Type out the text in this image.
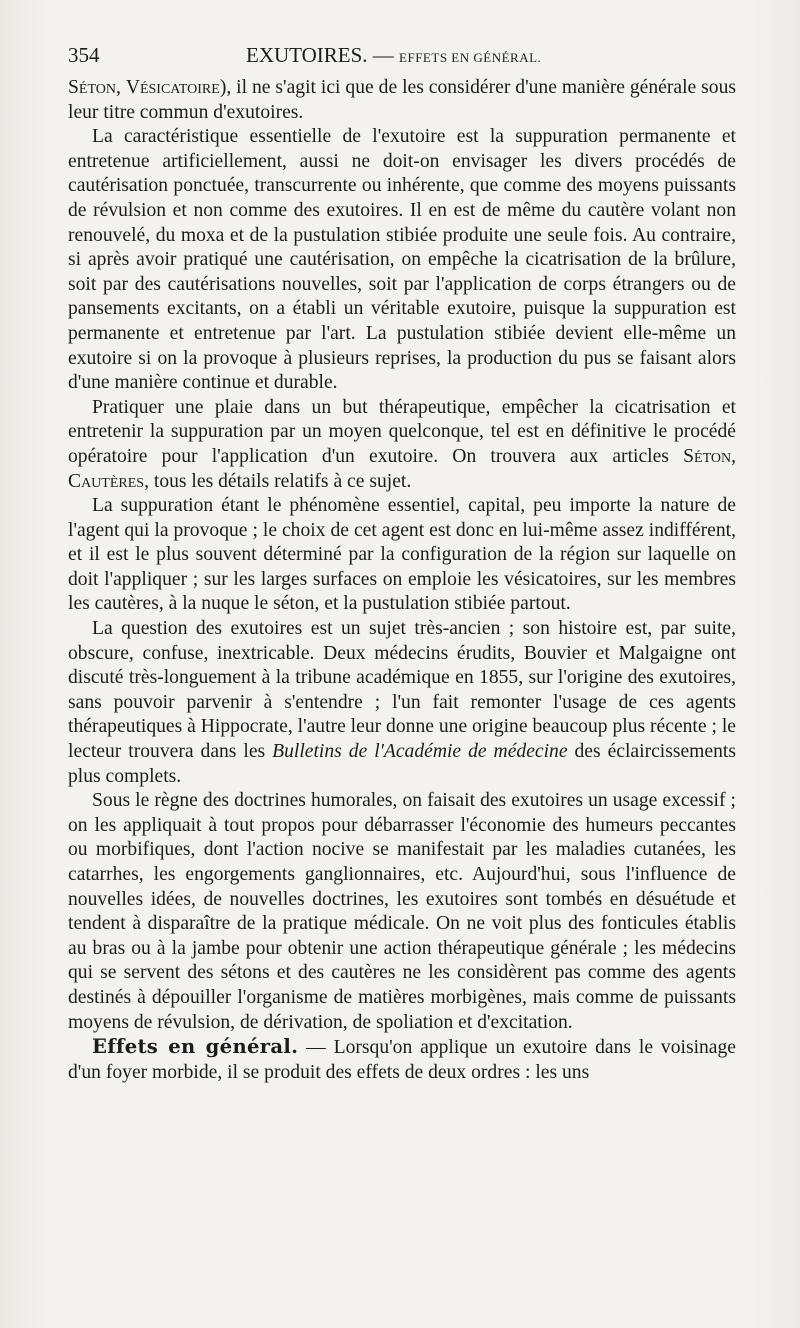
354	EXUTOIRES. — EFFETS EN GÉNÉRAL.

Séton, Vésicatoire), il ne s'agit ici que de les considérer d'une manière générale sous leur titre commun d'exutoires.

La caractéristique essentielle de l'exutoire est la suppuration permanente et entretenue artificiellement, aussi ne doit-on envisager les divers procédés de cautérisation ponctuée, transcurrente ou inhérente, que comme des moyens puissants de révulsion et non comme des exutoires. Il en est de même du cautère volant non renouvelé, du moxa et de la pustulation stibiée produite une seule fois. Au contraire, si après avoir pratiqué une cautérisation, on empêche la cicatrisation de la brûlure, soit par des cautérisations nouvelles, soit par l'application de corps étrangers ou de pansements excitants, on a établi un véritable exutoire, puisque la suppuration est permanente et entretenue par l'art. La pustulation stibiée devient elle-même un exutoire si on la provoque à plusieurs reprises, la production du pus se faisant alors d'une manière continue et durable.

Pratiquer une plaie dans un but thérapeutique, empêcher la cicatrisation et entretenir la suppuration par un moyen quelconque, tel est en définitive le procédé opératoire pour l'application d'un exutoire. On trouvera aux articles Séton, Cautères, tous les détails relatifs à ce sujet.

La suppuration étant le phénomène essentiel, capital, peu importe la nature de l'agent qui la provoque ; le choix de cet agent est donc en lui-même assez indifférent, et il est le plus souvent déterminé par la configuration de la région sur laquelle on doit l'appliquer ; sur les larges surfaces on emploie les vésicatoires, sur les membres les cautères, à la nuque le séton, et la pustulation stibiée partout.

La question des exutoires est un sujet très-ancien ; son histoire est, par suite, obscure, confuse, inextricable. Deux médecins érudits, Bouvier et Malgaigne ont discuté très-longuement à la tribune académique en 1855, sur l'origine des exutoires, sans pouvoir parvenir à s'entendre ; l'un fait remonter l'usage de ces agents thérapeutiques à Hippocrate, l'autre leur donne une origine beaucoup plus récente ; le lecteur trouvera dans les Bulletins de l'Académie de médecine des éclaircissements plus complets.

Sous le règne des doctrines humorales, on faisait des exutoires un usage excessif ; on les appliquait à tout propos pour débarrasser l'économie des humeurs peccantes ou morbifiques, dont l'action nocive se manifestait par les maladies cutanées, les catarrhes, les engorgements ganglionnaires, etc. Aujourd'hui, sous l'influence de nouvelles idées, de nouvelles doctrines, les exutoires sont tombés en désuétude et tendent à disparaître de la pratique médicale. On ne voit plus des fonticules établis au bras ou à la jambe pour obtenir une action thérapeutique générale ; les médecins qui se servent des sétons et des cautères ne les considèrent pas comme des agents destinés à dépouiller l'organisme de matières morbigènes, mais comme de puissants moyens de révulsion, de dérivation, de spoliation et d'excitation.

Effets en général. — Lorsqu'on applique un exutoire dans le voisinage d'un foyer morbide, il se produit des effets de deux ordres : les uns
